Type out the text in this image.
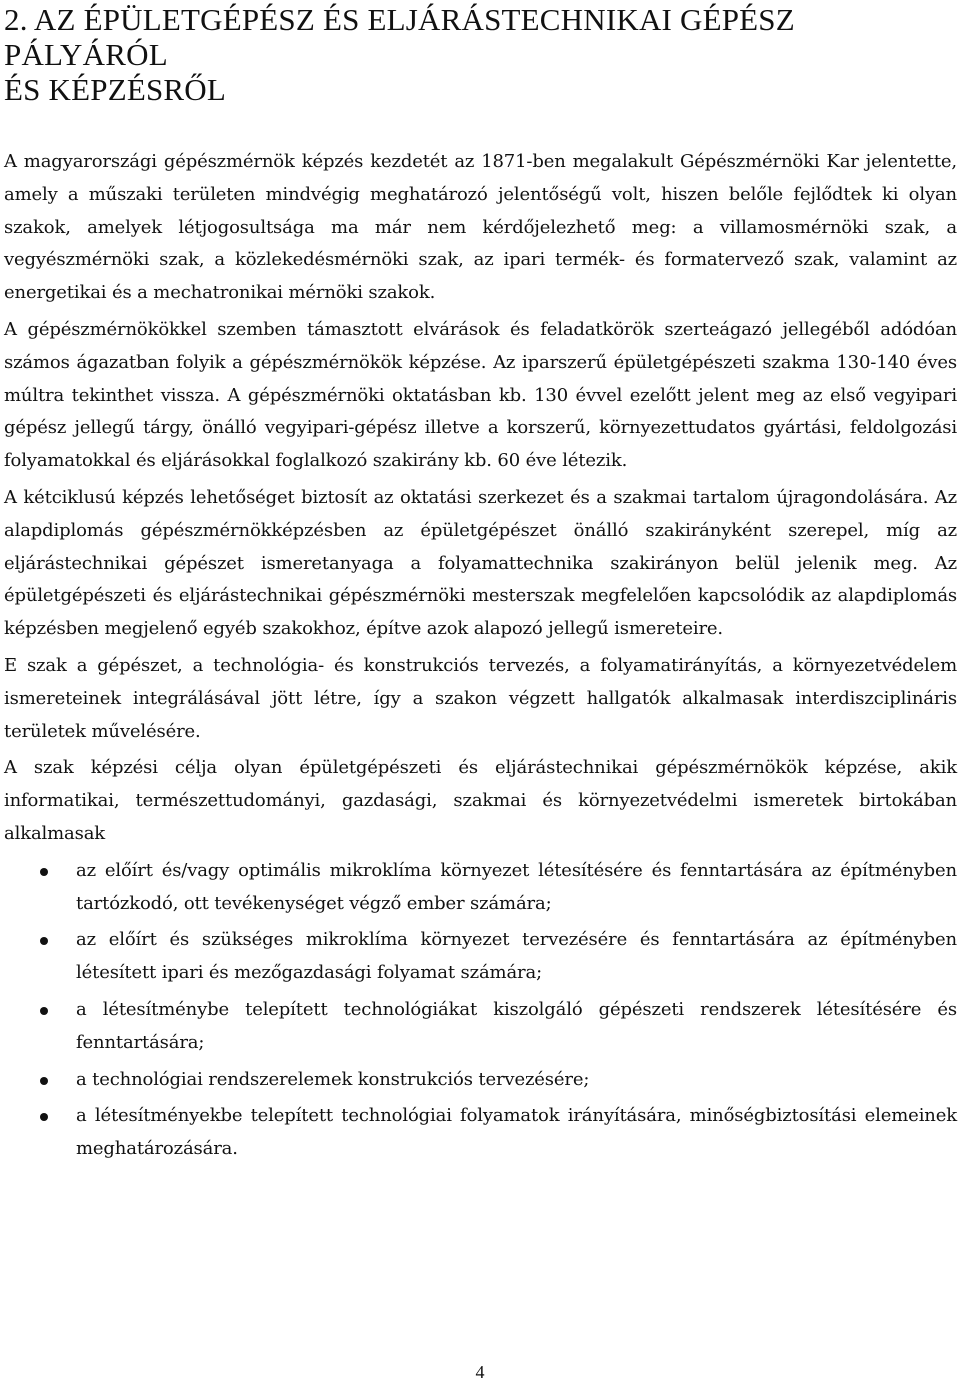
2. AZ ÉPÜLETGÉPÉSZ ÉS ELJÁRÁSTECHNIKAI GÉPÉSZ PÁLYÁRÓL
ÉS KÉPZÉSRŐL

A magyarországi gépészmérnök képzés kezdetét az 1871-ben megalakult Gépészmérnöki Kar jelentette, amely a műszaki területen mindvégig meghatározó jelentőségű volt, hiszen belőle fejlődtek ki olyan szakok, amelyek létjogosultsága ma már nem kérdőjelezhető meg: a villamosmérnöki szak, a vegyészmérnöki szak, a közlekedésmérnöki szak, az ipari termék- és formatervező szak, valamint az energetikai és a mechatronikai mérnöki szakok.

A gépészmérnökökkel szemben támasztott elvárások és feladatkörök szerteágazó jellegéből adódóan számos ágazatban folyik a gépészmérnökök képzése. Az iparszerű épületgépészeti szakma 130-140 éves múltra tekinthet vissza. A gépészmérnöki oktatásban kb. 130 évvel ezelőtt jelent meg az első vegyipari gépész jellegű tárgy, önálló vegyipari-gépész illetve a korszerű, környezettudatos gyártási, feldolgozási folyamatokkal és eljárásokkal foglalkozó szakirány kb. 60 éve létezik.

A kétciklusú képzés lehetőséget biztosít az oktatási szerkezet és a szakmai tartalom újragondolására. Az alapdiplomás gépészmérnökképzésben az épületgépészet önálló szakirányként szerepel, míg az eljárástechnikai gépészet ismeretanyaga a folyamattechnika szakirányon belül jelenik meg. Az épületgépészeti és eljárástechnikai gépészmérnöki mesterszak megfelelően kapcsolódik az alapdiplomás képzésben megjelenő egyéb szakokhoz, építve azok alapozó jellegű ismereteire.

E szak a gépészet, a technológia- és konstrukciós tervezés, a folyamatirányítás, a környezetvédelem ismereteinek integrálásával jött létre, így a szakon végzett hallgatók alkalmasak interdiszciplináris területek művelésére.

A szak képzési célja olyan épületgépészeti és eljárástechnikai gépészmérnökök képzése, akik informatikai, természettudományi, gazdasági, szakmai és környezetvédelmi ismeretek birtokában alkalmasak

az előírt és/vagy optimális mikroklíma környezet létesítésére és fenntartására az építményben tartózkodó, ott tevékenységet végző ember számára;
az előírt és szükséges mikroklíma környezet tervezésére és fenntartására az építményben létesített ipari és mezőgazdasági folyamat számára;
a létesítménybe telepített technológiákat kiszolgáló gépészeti rendszerek létesítésére és fenntartására;
a technológiai rendszerelemek konstrukciós tervezésére;
a létesítményekbe telepített technológiai folyamatok irányítására, minőségbiztosítási elemeinek meghatározására.
4
